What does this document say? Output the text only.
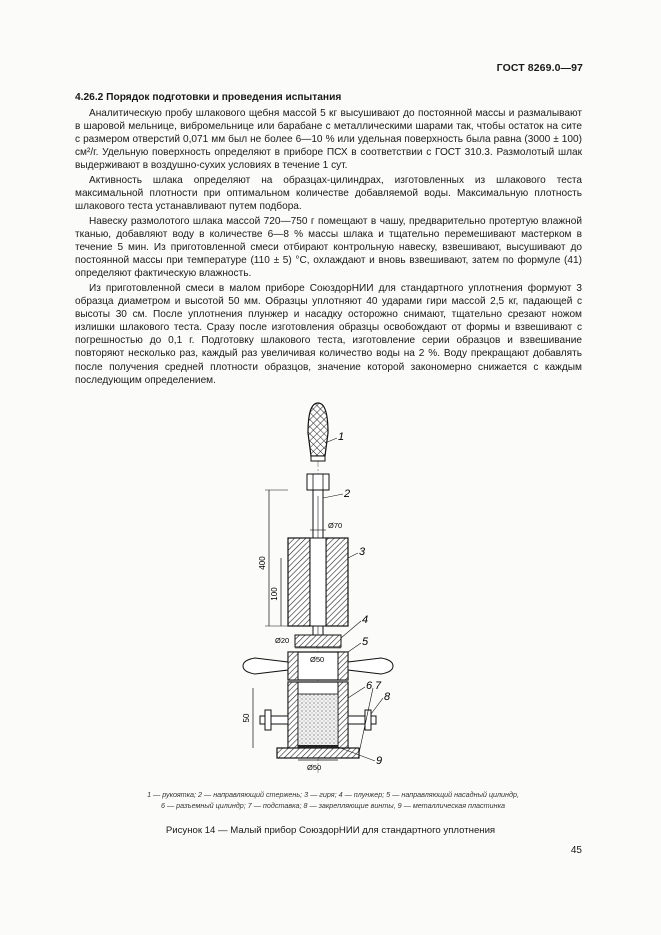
ГОСТ 8269.0—97
4.26.2 Порядок подготовки и проведения испытания

Аналитическую пробу шлакового щебня массой 5 кг высушивают до постоянной массы и размалывают в шаровой мельнице, вибромельнице или барабане с металлическими шарами так, чтобы остаток на сите с размером отверстий 0,071 мм был не более 6—10 % или удельная поверхность была равна (3000 ± 100) см²/г. Удельную поверхность определяют в приборе ПСХ в соответствии с ГОСТ 310.3. Размолотый шлак выдерживают в воздушно-сухих условиях в течение 1 сут.

Активность шлака определяют на образцах-цилиндрах, изготовленных из шлакового теста максимальной плотности при оптимальном количестве добавляемой воды. Максимальную плотность шлакового теста устанавливают путем подбора.

Навеску размолотого шлака массой 720—750 г помещают в чашу, предварительно протертую влажной тканью, добавляют воду в количестве 6—8 % массы шлака и тщательно перемешивают мастерком в течение 5 мин. Из приготовленной смеси отбирают контрольную навеску, взвешивают, высушивают до постоянной массы при температуре (110 ± 5) °С, охлаждают и вновь взвешивают, затем по формуле (41) определяют фактическую влажность.

Из приготовленной смеси в малом приборе СоюздорНИИ для стандартного уплотнения формуют 3 образца диаметром и высотой 50 мм. Образцы уплотняют 40 ударами гири массой 2,5 кг, падающей с высоты 30 см. После уплотнения плунжер и насадку осторожно снимают, тщательно срезают ножом излишки шлакового теста. Сразу после изготовления образцы освобождают от формы и взвешивают с погрешностью до 0,1 г. Подготовку шлакового теста, изготовление серии образцов и взвешивание повторяют несколько раз, каждый раз увеличивая количество воды на 2 %. Воду прекращают добавлять после получения средней плотности образцов, значение которой закономерно снижается с каждым последующим определением.

400
100
50
Ø70
Ø20
Ø50
Ø50
1
2
3
4
5
6 7
8
9
1 — рукоятка; 2 — направляющий стержень; 3 — гиря; 4 — плунжер; 5 — направляющий насадный цилиндр,
6 — разъемный цилиндр; 7 — подставка; 8 — закрепляющие винты, 9 — металлическая пластинка
Рисунок 14 — Малый прибор СоюздорНИИ для стандартного уплотнения
45
